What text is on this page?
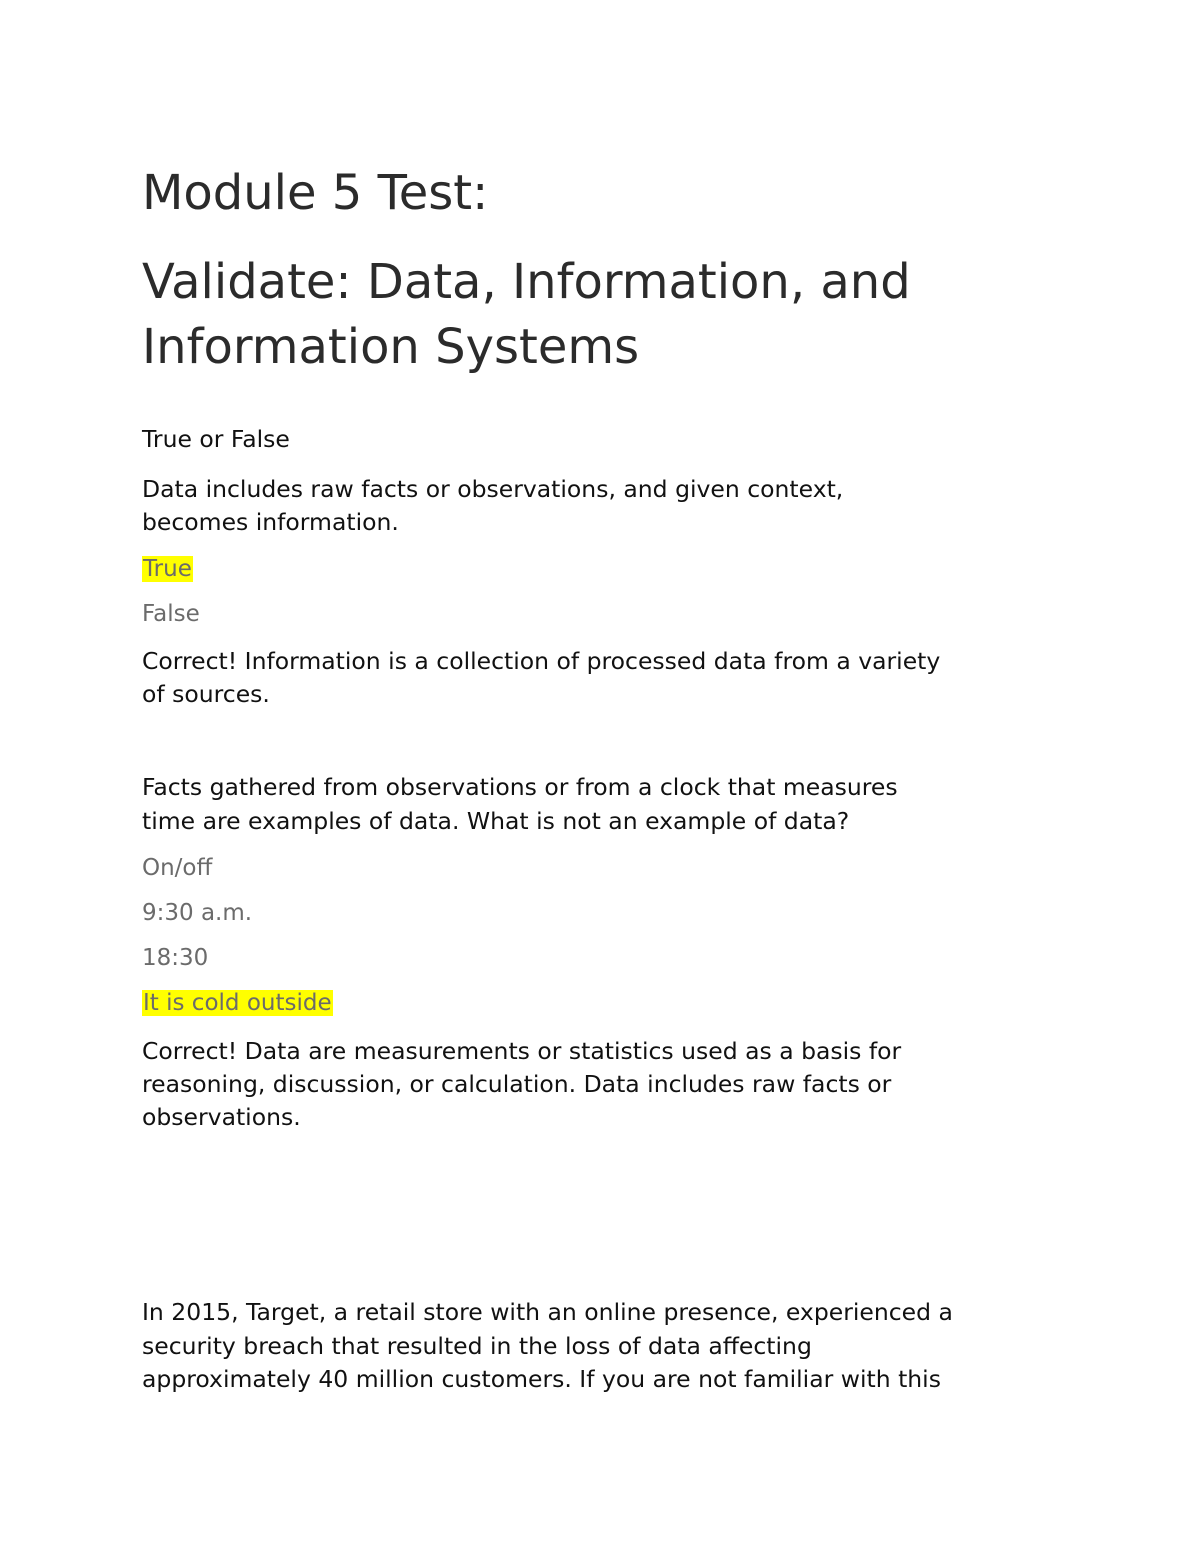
Module 5 Test:
Validate: Data, Information, and
Information Systems
True or False
Data includes raw facts or observations, and given context,
becomes information.
True
False
Correct! Information is a collection of processed data from a variety
of sources.
Facts gathered from observations or from a clock that measures
time are examples of data. What is not an example of data?
On/off
9:30 a.m.
18:30
It is cold outside
Correct! Data are measurements or statistics used as a basis for
reasoning, discussion, or calculation. Data includes raw facts or
observations.
In 2015, Target, a retail store with an online presence, experienced a
security breach that resulted in the loss of data affecting
approximately 40 million customers. If you are not familiar with this
